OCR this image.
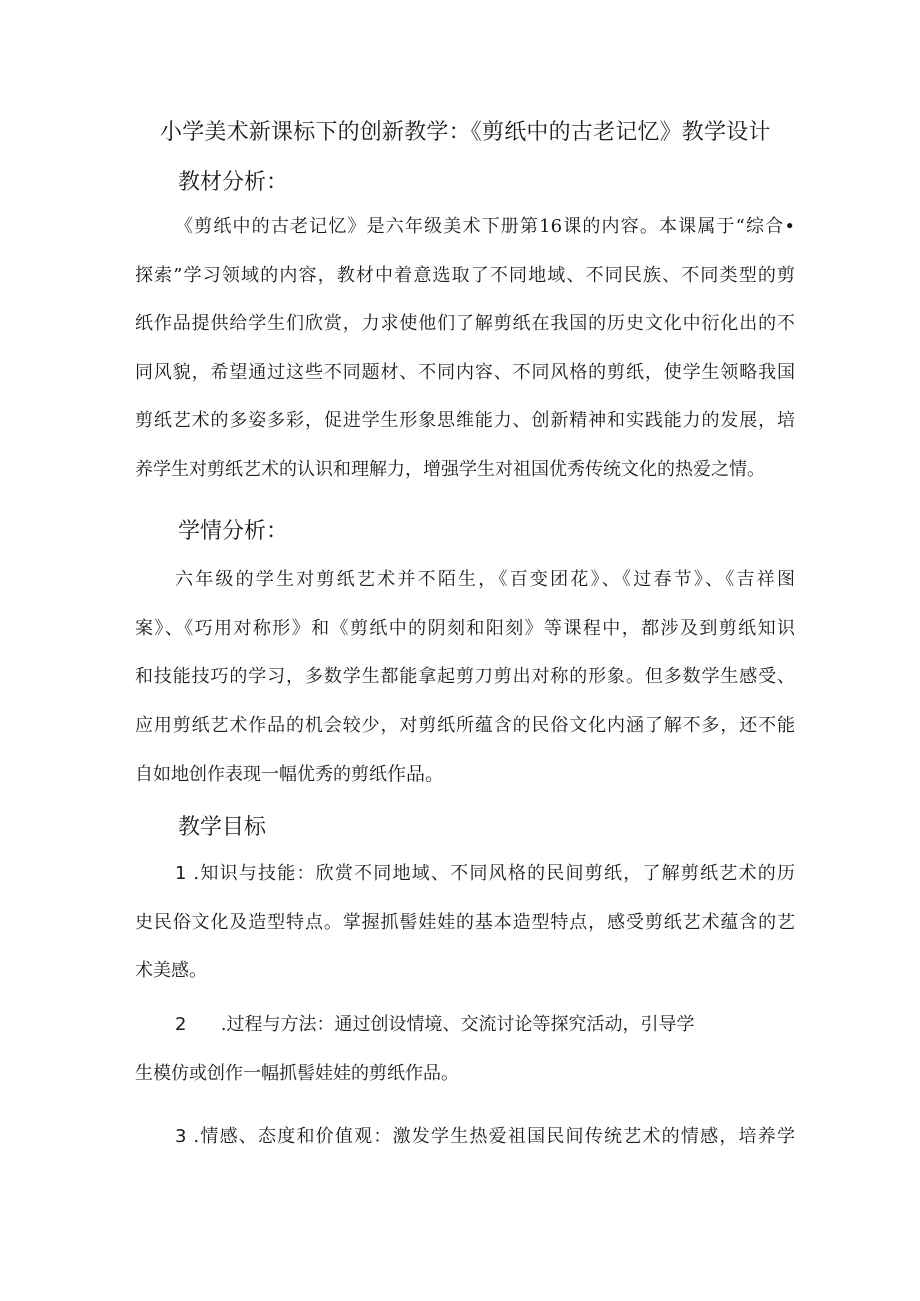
小学美术新课标下的创新教学：《剪纸中的古老记忆》教学设计
教材分析：
《剪纸中的古老记忆》是六年级美术下册第16课的内容。本课属于“综合•
探索”学习领域的内容，教材中着意选取了不同地域、不同民族、不同类型的剪
纸作品提供给学生们欣赏，力求使他们了解剪纸在我国的历史文化中衍化出的不
同风貌，希望通过这些不同题材、不同内容、不同风格的剪纸，使学生领略我国
剪纸艺术的多姿多彩，促进学生形象思维能力、创新精神和实践能力的发展，培
养学生对剪纸艺术的认识和理解力，增强学生对祖国优秀传统文化的热爱之情。
学情分析：
六年级的学生对剪纸艺术并不陌生，《百变团花》、《过春节》、《吉祥图
案》、《巧用对称形》和《剪纸中的阴刻和阳刻》等课程中，都涉及到剪纸知识
和技能技巧的学习，多数学生都能拿起剪刀剪出对称的形象。但多数学生感受、
应用剪纸艺术作品的机会较少，对剪纸所蕴含的民俗文化内涵了解不多，还不能
自如地创作表现一幅优秀的剪纸作品。
教学目标
1 .知识与技能：欣赏不同地域、不同风格的民间剪纸，了解剪纸艺术的历
史民俗文化及造型特点。掌握抓髻娃娃的基本造型特点，感受剪纸艺术蕴含的艺
术美感。
2 .过程与方法：通过创设情境、交流讨论等探究活动，引导学
生模仿或创作一幅抓髻娃娃的剪纸作品。
3 .情感、态度和价值观：激发学生热爱祖国民间传统艺术的情感，培养学
